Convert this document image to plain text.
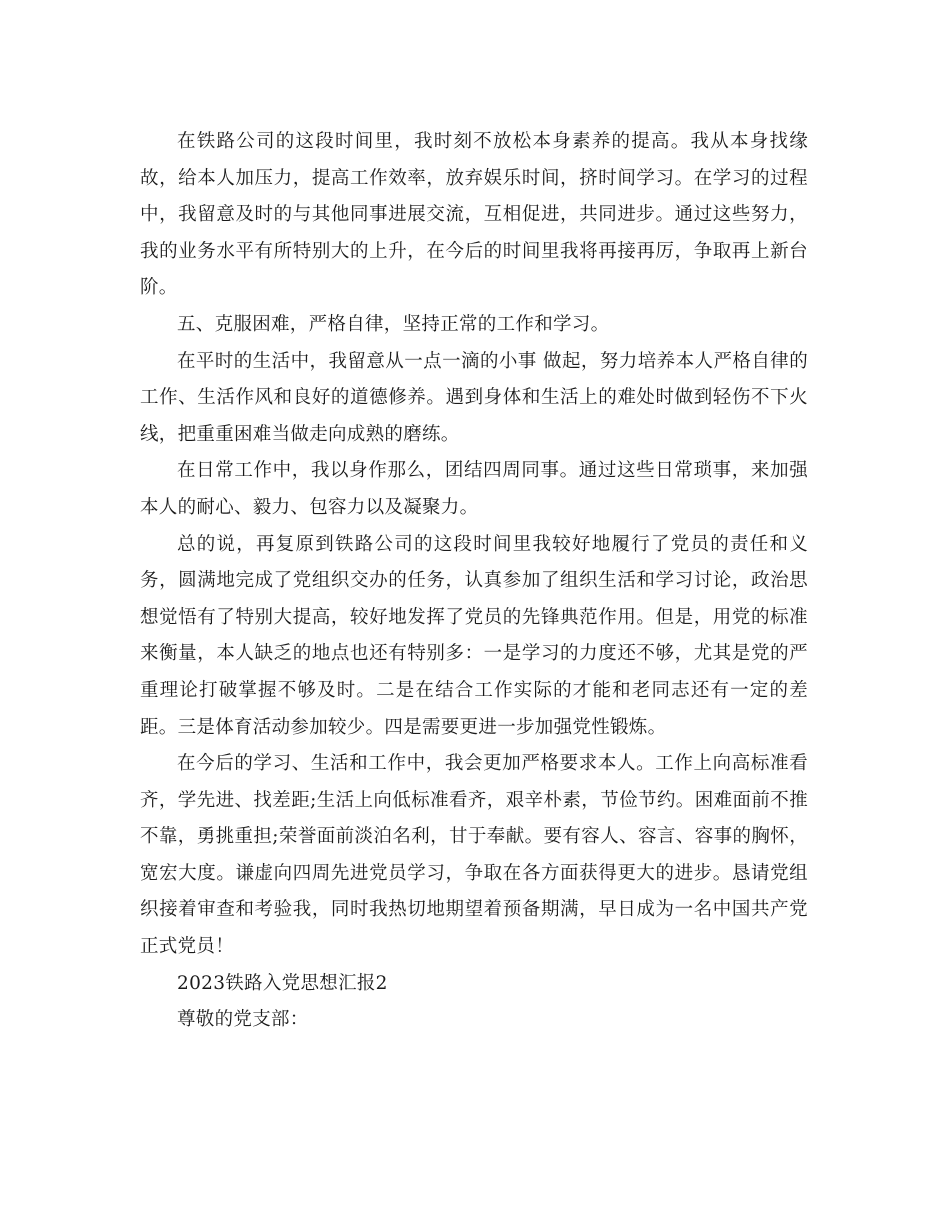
在铁路公司的这段时间里，我时刻不放松本身素养的提高。我从本身找缘故，给本人加压力，提高工作效率，放弃娱乐时间，挤时间学习。在学习的过程中，我留意及时的与其他同事进展交流，互相促进，共同进步。通过这些努力，我的业务水平有所特别大的上升，在今后的时间里我将再接再厉，争取再上新台阶。

五、克服困难，严格自律，坚持正常的工作和学习。

在平时的生活中，我留意从一点一滴的小事 做起，努力培养本人严格自律的工作、生活作风和良好的道德修养。遇到身体和生活上的难处时做到轻伤不下火线，把重重困难当做走向成熟的磨练。

在日常工作中，我以身作那么，团结四周同事。通过这些日常琐事，来加强本人的耐心、毅力、包容力以及凝聚力。

总的说，再复原到铁路公司的这段时间里我较好地履行了党员的责任和义务，圆满地完成了党组织交办的任务，认真参加了组织生活和学习讨论，政治思想觉悟有了特别大提高，较好地发挥了党员的先锋典范作用。但是，用党的标准来衡量，本人缺乏的地点也还有特别多：一是学习的力度还不够，尤其是党的严重理论打破掌握不够及时。二是在结合工作实际的才能和老同志还有一定的差距。三是体育活动参加较少。四是需要更进一步加强党性锻炼。

在今后的学习、生活和工作中，我会更加严格要求本人。工作上向高标准看齐，学先进、找差距;生活上向低标准看齐，艰辛朴素，节俭节约。困难面前不推不靠，勇挑重担;荣誉面前淡泊名利，甘于奉献。要有容人、容言、容事的胸怀，宽宏大度。谦虚向四周先进党员学习，争取在各方面获得更大的进步。恳请党组织接着审查和考验我，同时我热切地期望着预备期满，早日成为一名中国共产党正式党员！

2023铁路入党思想汇报2

尊敬的党支部：
